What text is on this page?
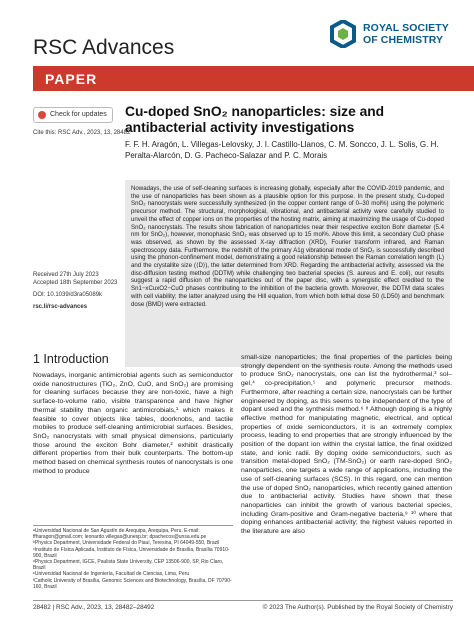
RSC Advances
ROYAL SOCIETY
OF CHEMISTRY
PAPER
Check for updates
Cite this: RSC Adv., 2023, 13, 28482
Cu-doped SnO₂ nanoparticles: size and antibacterial activity investigations
F. F. H. Aragón, L. Villegas-Lelovsky, J. I. Castillo-Llanos, C. M. Soncco, J. L. Solis, G. H. Peralta-Alarcón, D. G. Pacheco-Salazar and P. C. Morais

Nowadays, the use of self-cleaning surfaces is increasing globally, especially after the COVID-2019 pandemic, and the use of nanoparticles has been shown as a plausible option for this purpose. In the present study, Cu-doped SnO₂ nanocrystals were successfully synthesized (in the copper content range of 0–30 mol%) using the polymeric precursor method. The structural, morphological, vibrational, and antibacterial activity were carefully studied to unveil the effect of copper ions on the properties of the hosting matrix, aiming at maximizing the usage of Cu-doped SnO₂ nanocrystals. The results show fabrication of nanoparticles near their respective exciton Bohr diameter (5.4 nm for SnO₂), however, monophasic SnO₂ was observed up to 15 mol%. Above this limit, a secondary CuO phase was observed, as shown by the assessed X-ray diffraction (XRD), Fourier transform infrared, and Raman spectroscopy data. Furthermore, the redshift of the primary A1g vibrational mode of SnO₂ is successfully described using the phonon-confinement model, demonstrating a good relationship between the Raman correlation length (L) and the crystallite size (⟨D⟩), the latter determined from XRD. Regarding the antibacterial activity, assessed via the disc-diffusion testing method (DDTM) while challenging two bacterial species (S. aureus and E. coli), our results suggest a rapid diffusion of the nanoparticles out of the paper disc, with a synergistic effect credited to the Sn1−xCuxO2−CuO phases contributing to the inhibition of the bacteria growth. Moreover, the DDTM data scales with cell viability; the latter analyzed using the Hill equation, from which both lethal dose 50 (LD50) and benchmark dose (BMD) were extracted.

Received 27th July 2023
Accepted 18th September 2023
DOI: 10.1039/d3ra05089k
rsc.li/rsc-advances
1 Introduction

Nowadays, inorganic antimicrobial agents such as semiconductor oxide nanostructures (TiO₂, ZnO, CuO, and SnO₂) are promising for cleaning surfaces because they are non-toxic, have a high surface-to-volume ratio, visible transparence and have higher thermal stability than organic antimicrobials,¹ which makes it feasible to cover objects like tables, doorknobs, and tactile mobiles to produce self-cleaning antimicrobial surfaces. Besides, SnO₂ nanocrystals with small physical dimensions, particularly those around the exciton Bohr diameter,² exhibit drastically different properties from their bulk counterparts. The bottom-up method based on chemical synthesis routes of nanocrystals is one method to produce

small-size nanoparticles; the final properties of the particles being strongly dependent on the synthesis route. Among the methods used to produce SnO₂ nanocrystals, one can list the hydrothermal,³ sol–gel,⁴ co-precipitation,⁵ and polymeric precursor methods. Furthermore, after reaching a certain size, nanocrystals can be further engineered by doping, as this seems to be independent of the type of dopant used and the synthesis method.⁶ ⁸ Although doping is a highly effective method for manipulating magnetic, electrical, and optical properties of oxide semiconductors, it is an extremely complex process, leading to end properties that are strongly influenced by the position of the dopant ion within the crystal lattice, the final oxidized state, and ionic radii. By doping oxide semiconductors, such as transition metal-doped SnO₂ (TM-SnO₂) or earth rare-doped SnO₂ nanoparticles, one targets a wide range of applications, including the use of self-cleaning surfaces (SCS). In this regard, one can mention the use of doped SnO₂ nanoparticles, which recently gained attention due to antibacterial activity. Studies have shown that these nanoparticles can inhibit the growth of various bacterial species, including Gram-positive and Gram-negative bacteria,⁹ ¹⁰ where that doping enhances antibacterial activity; the highest values reported in the literature are also

ᵃUniversidad Nacional de San Agustín de Arequipa, Arequipa, Peru. E-mail: ffharagon@gmail.com; leonardo.villegas@unesp.br; dpachecos@unsa.edu.pe
ᵇPhysics Department, Universidade Federal do Piauí, Teresina, PI 64049-550, Brazil
ᶜInstituto de Física Aplicada, Instituto de Física, Universidade de Brasília, Brasília 70910-900, Brazil
ᵈPhysics Department, IGCE, Paulista State University, CEP 13506-900, SP, Rio Claro, Brazil
ᵉUniversidad Nacional de Ingeniería, Facultad de Ciencias, Lima, Peru
ᶠCatholic University of Brasília, Genomic Sciences and Biotechnology, Brasília, DF 70790-160, Brazil
28482 | RSC Adv., 2023, 13, 28482–28492	© 2023 The Author(s). Published by the Royal Society of Chemistry
